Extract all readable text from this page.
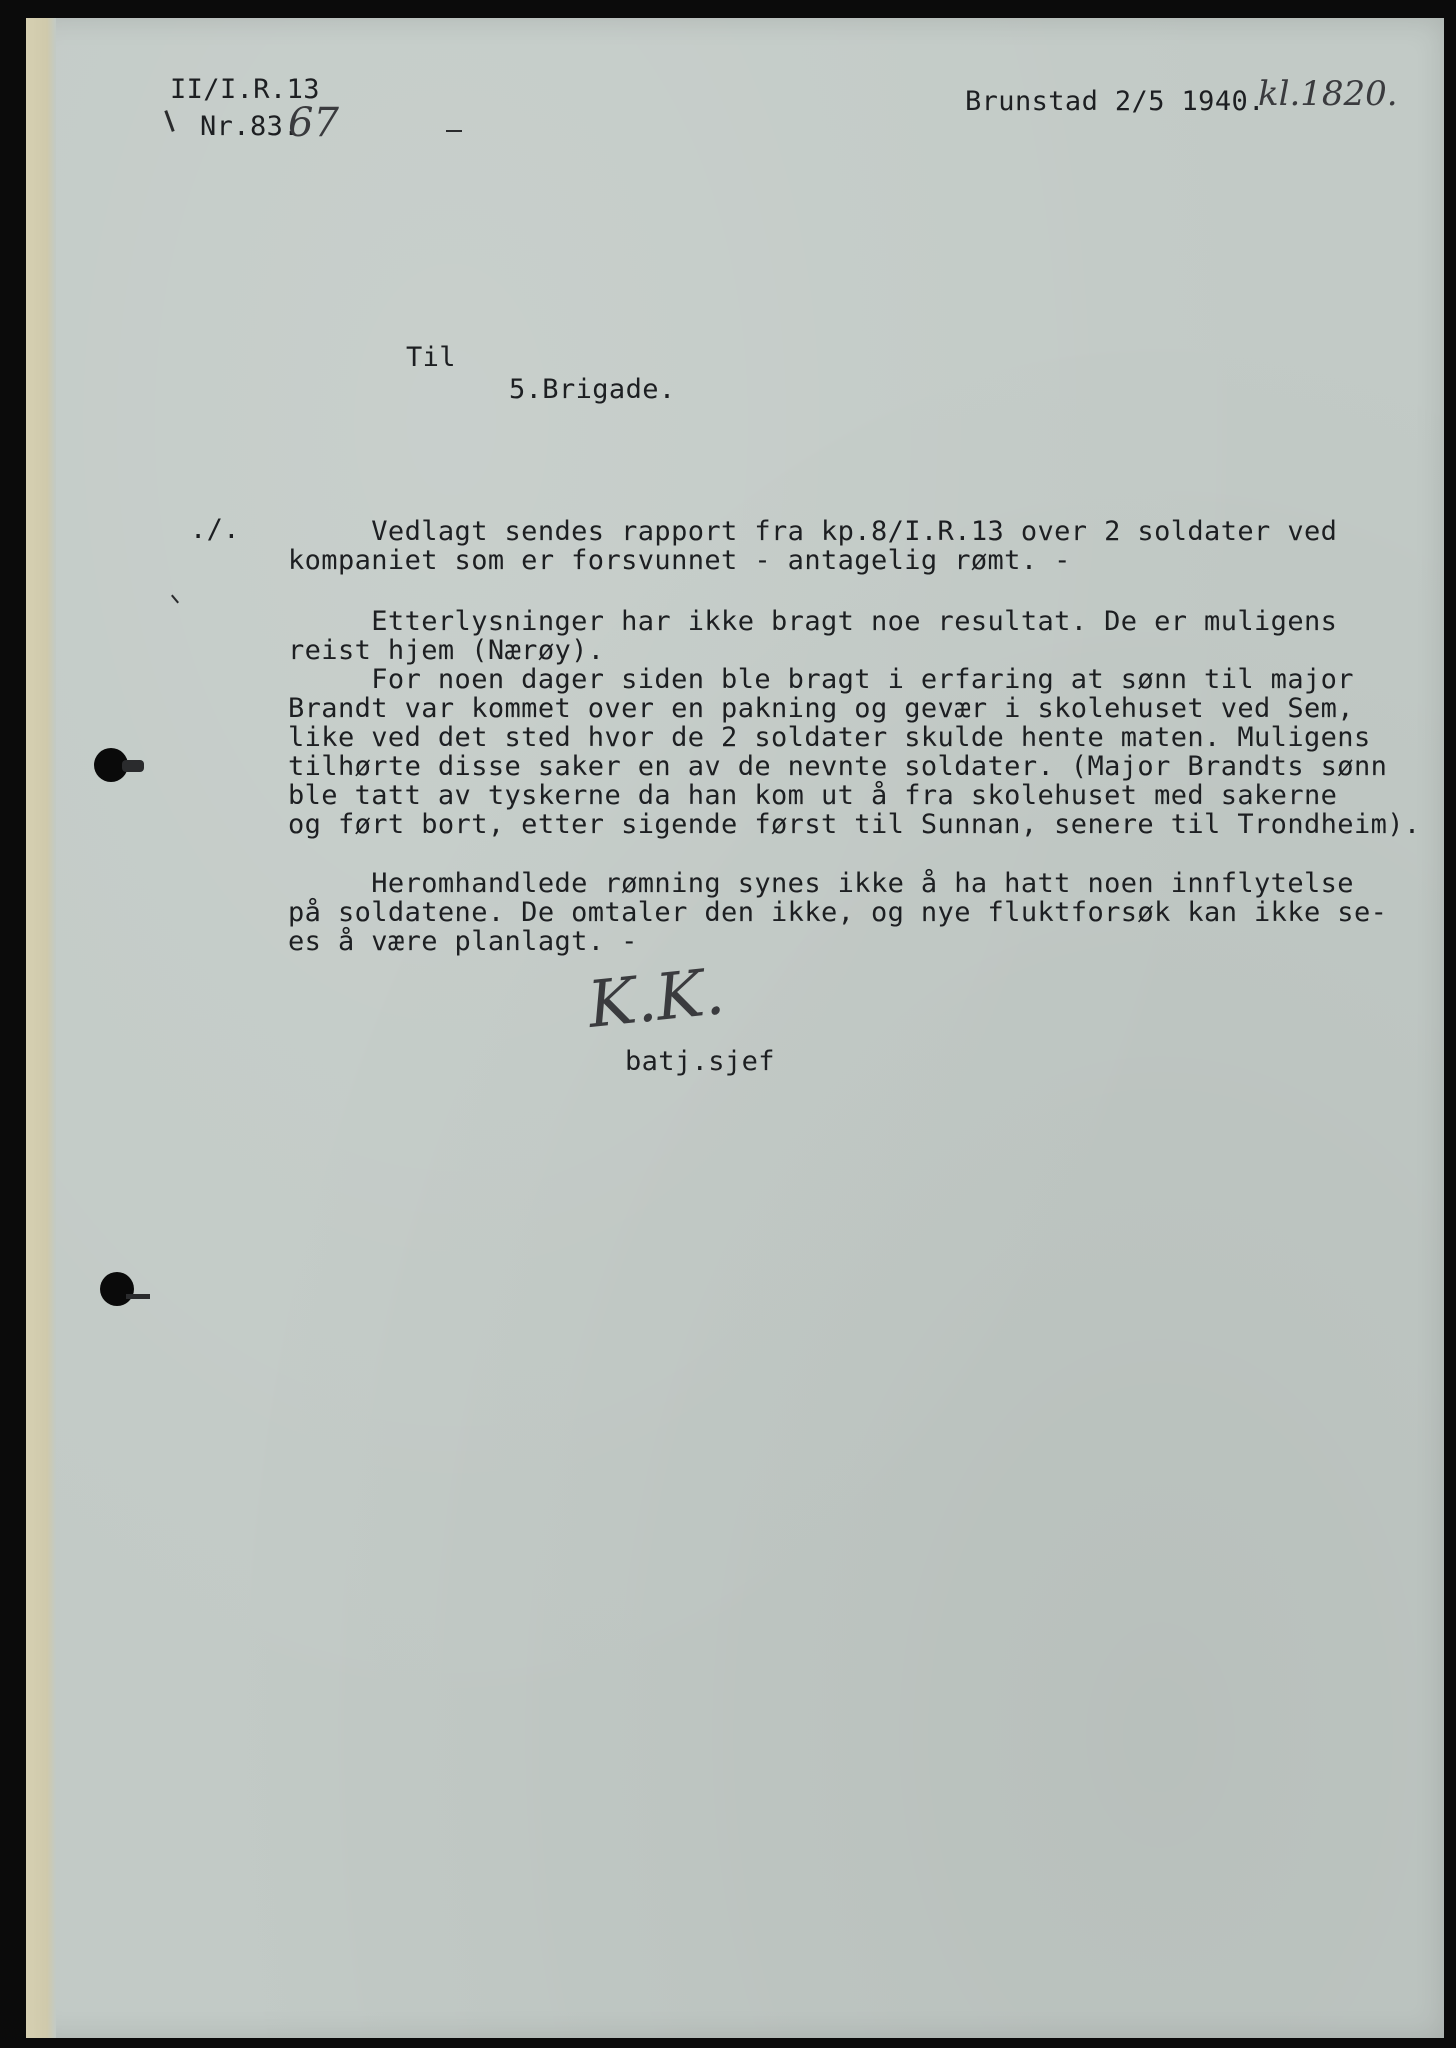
II/I.R.13
Nr.83.
67	Brunstad 2/5 1940.
kl.1820.
Til
5.Brigade.
./. Vedlagt sendes rapport fra kp.8/I.R.13 over 2 soldater ved
kompaniet som er forsvunnet - antagelig rømt. -
Etterlysninger har ikke bragt noe resultat. De er muligens
reist hjem (Nærøy).
For noen dager siden ble bragt i erfaring at sønn til major
Brandt var kommet over en pakning og gevær i skolehuset ved Sem,
like ved det sted hvor de 2 soldater skulde hente maten. Muligens
tilhørte disse saker en av de nevnte soldater. (Major Brandts sønn
ble tatt av tyskerne da han kom ut å fra skolehuset med sakerne
og ført bort, etter sigende først til Sunnan, senere til Trondheim).
Heromhandlede rømning synes ikke å ha hatt noen innflytelse
på soldatene. De omtaler den ikke, og nye fluktforsøk kan ikke se-
es å være planlagt. -
K.K.
batj.sjef
